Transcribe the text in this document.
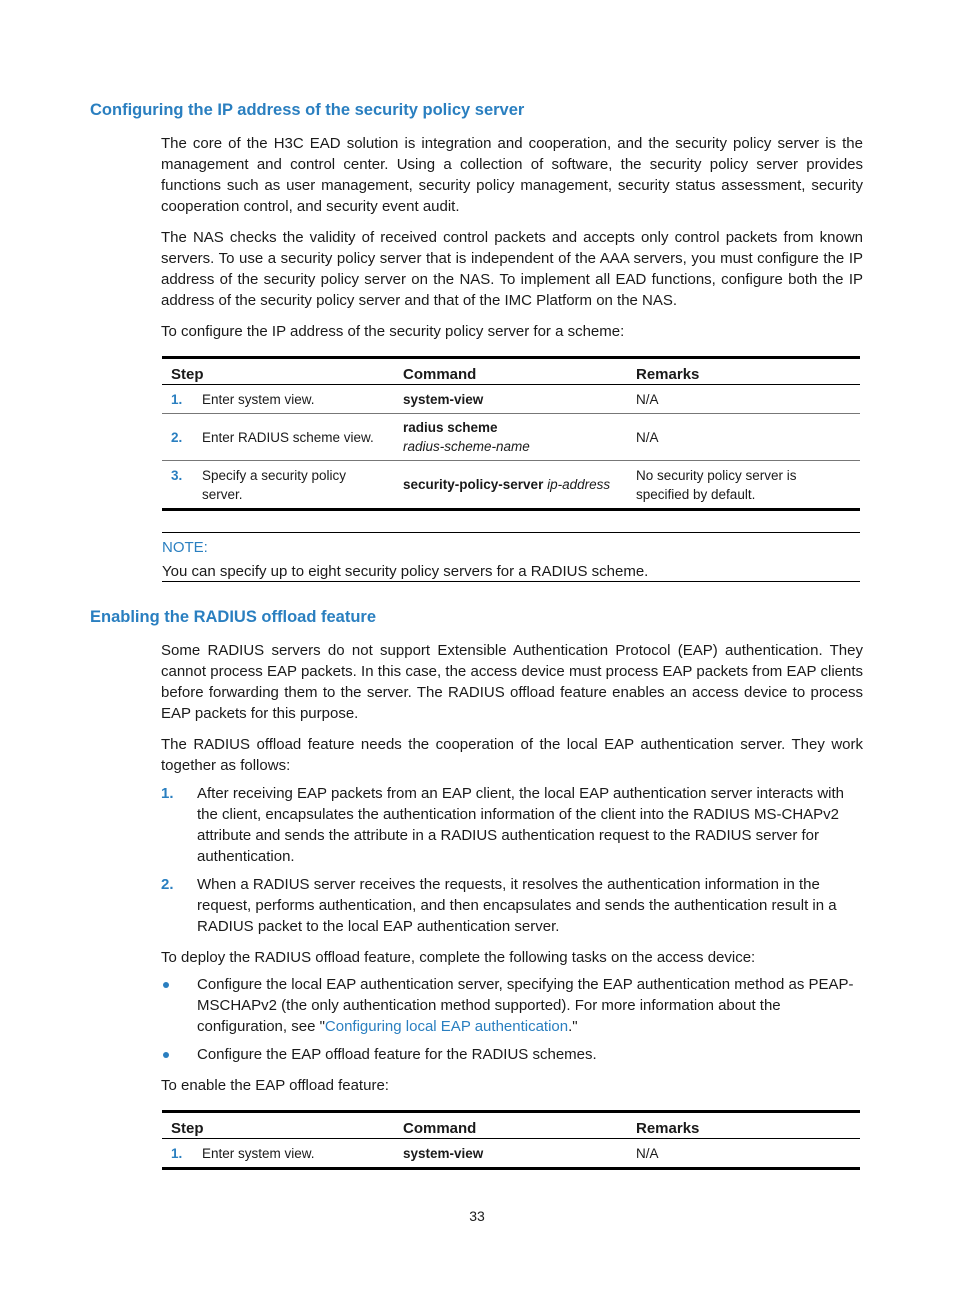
Configuring the IP address of the security policy server
The core of the H3C EAD solution is integration and cooperation, and the security policy server is the management and control center. Using a collection of software, the security policy server provides functions such as user management, security policy management, security status assessment, security cooperation control, and security event audit.
The NAS checks the validity of received control packets and accepts only control packets from known servers. To use a security policy server that is independent of the AAA servers, you must configure the IP address of the security policy server on the NAS. To implement all EAD functions, configure both the IP address of the security policy server and that of the IMC Platform on the NAS.
To configure the IP address of the security policy server for a scheme:
Step	Command	Remarks

1. Enter system view.	system-view	N/A

2. Enter RADIUS scheme view.	radius scheme
radius-scheme-name	N/A

3. Specify a security policy server.	security-policy-server ip-address	No security policy server is specified by default.
NOTE:
You can specify up to eight security policy servers for a RADIUS scheme.
Enabling the RADIUS offload feature
Some RADIUS servers do not support Extensible Authentication Protocol (EAP) authentication. They cannot process EAP packets. In this case, the access device must process EAP packets from EAP clients before forwarding them to the server. The RADIUS offload feature enables an access device to process EAP packets for this purpose.
The RADIUS offload feature needs the cooperation of the local EAP authentication server. They work together as follows:
1. After receiving EAP packets from an EAP client, the local EAP authentication server interacts with the client, encapsulates the authentication information of the client into the RADIUS MS-CHAPv2 attribute and sends the attribute in a RADIUS authentication request to the RADIUS server for authentication.
2. When a RADIUS server receives the requests, it resolves the authentication information in the request, performs authentication, and then encapsulates and sends the authentication result in a RADIUS packet to the local EAP authentication server.
To deploy the RADIUS offload feature, complete the following tasks on the access device:
Configure the local EAP authentication server, specifying the EAP authentication method as PEAP-MSCHAPv2 (the only authentication method supported). For more information about the configuration, see "Configuring local EAP authentication."
Configure the EAP offload feature for the RADIUS schemes.
To enable the EAP offload feature:
Step	Command	Remarks

1. Enter system view.	system-view	N/A
33
